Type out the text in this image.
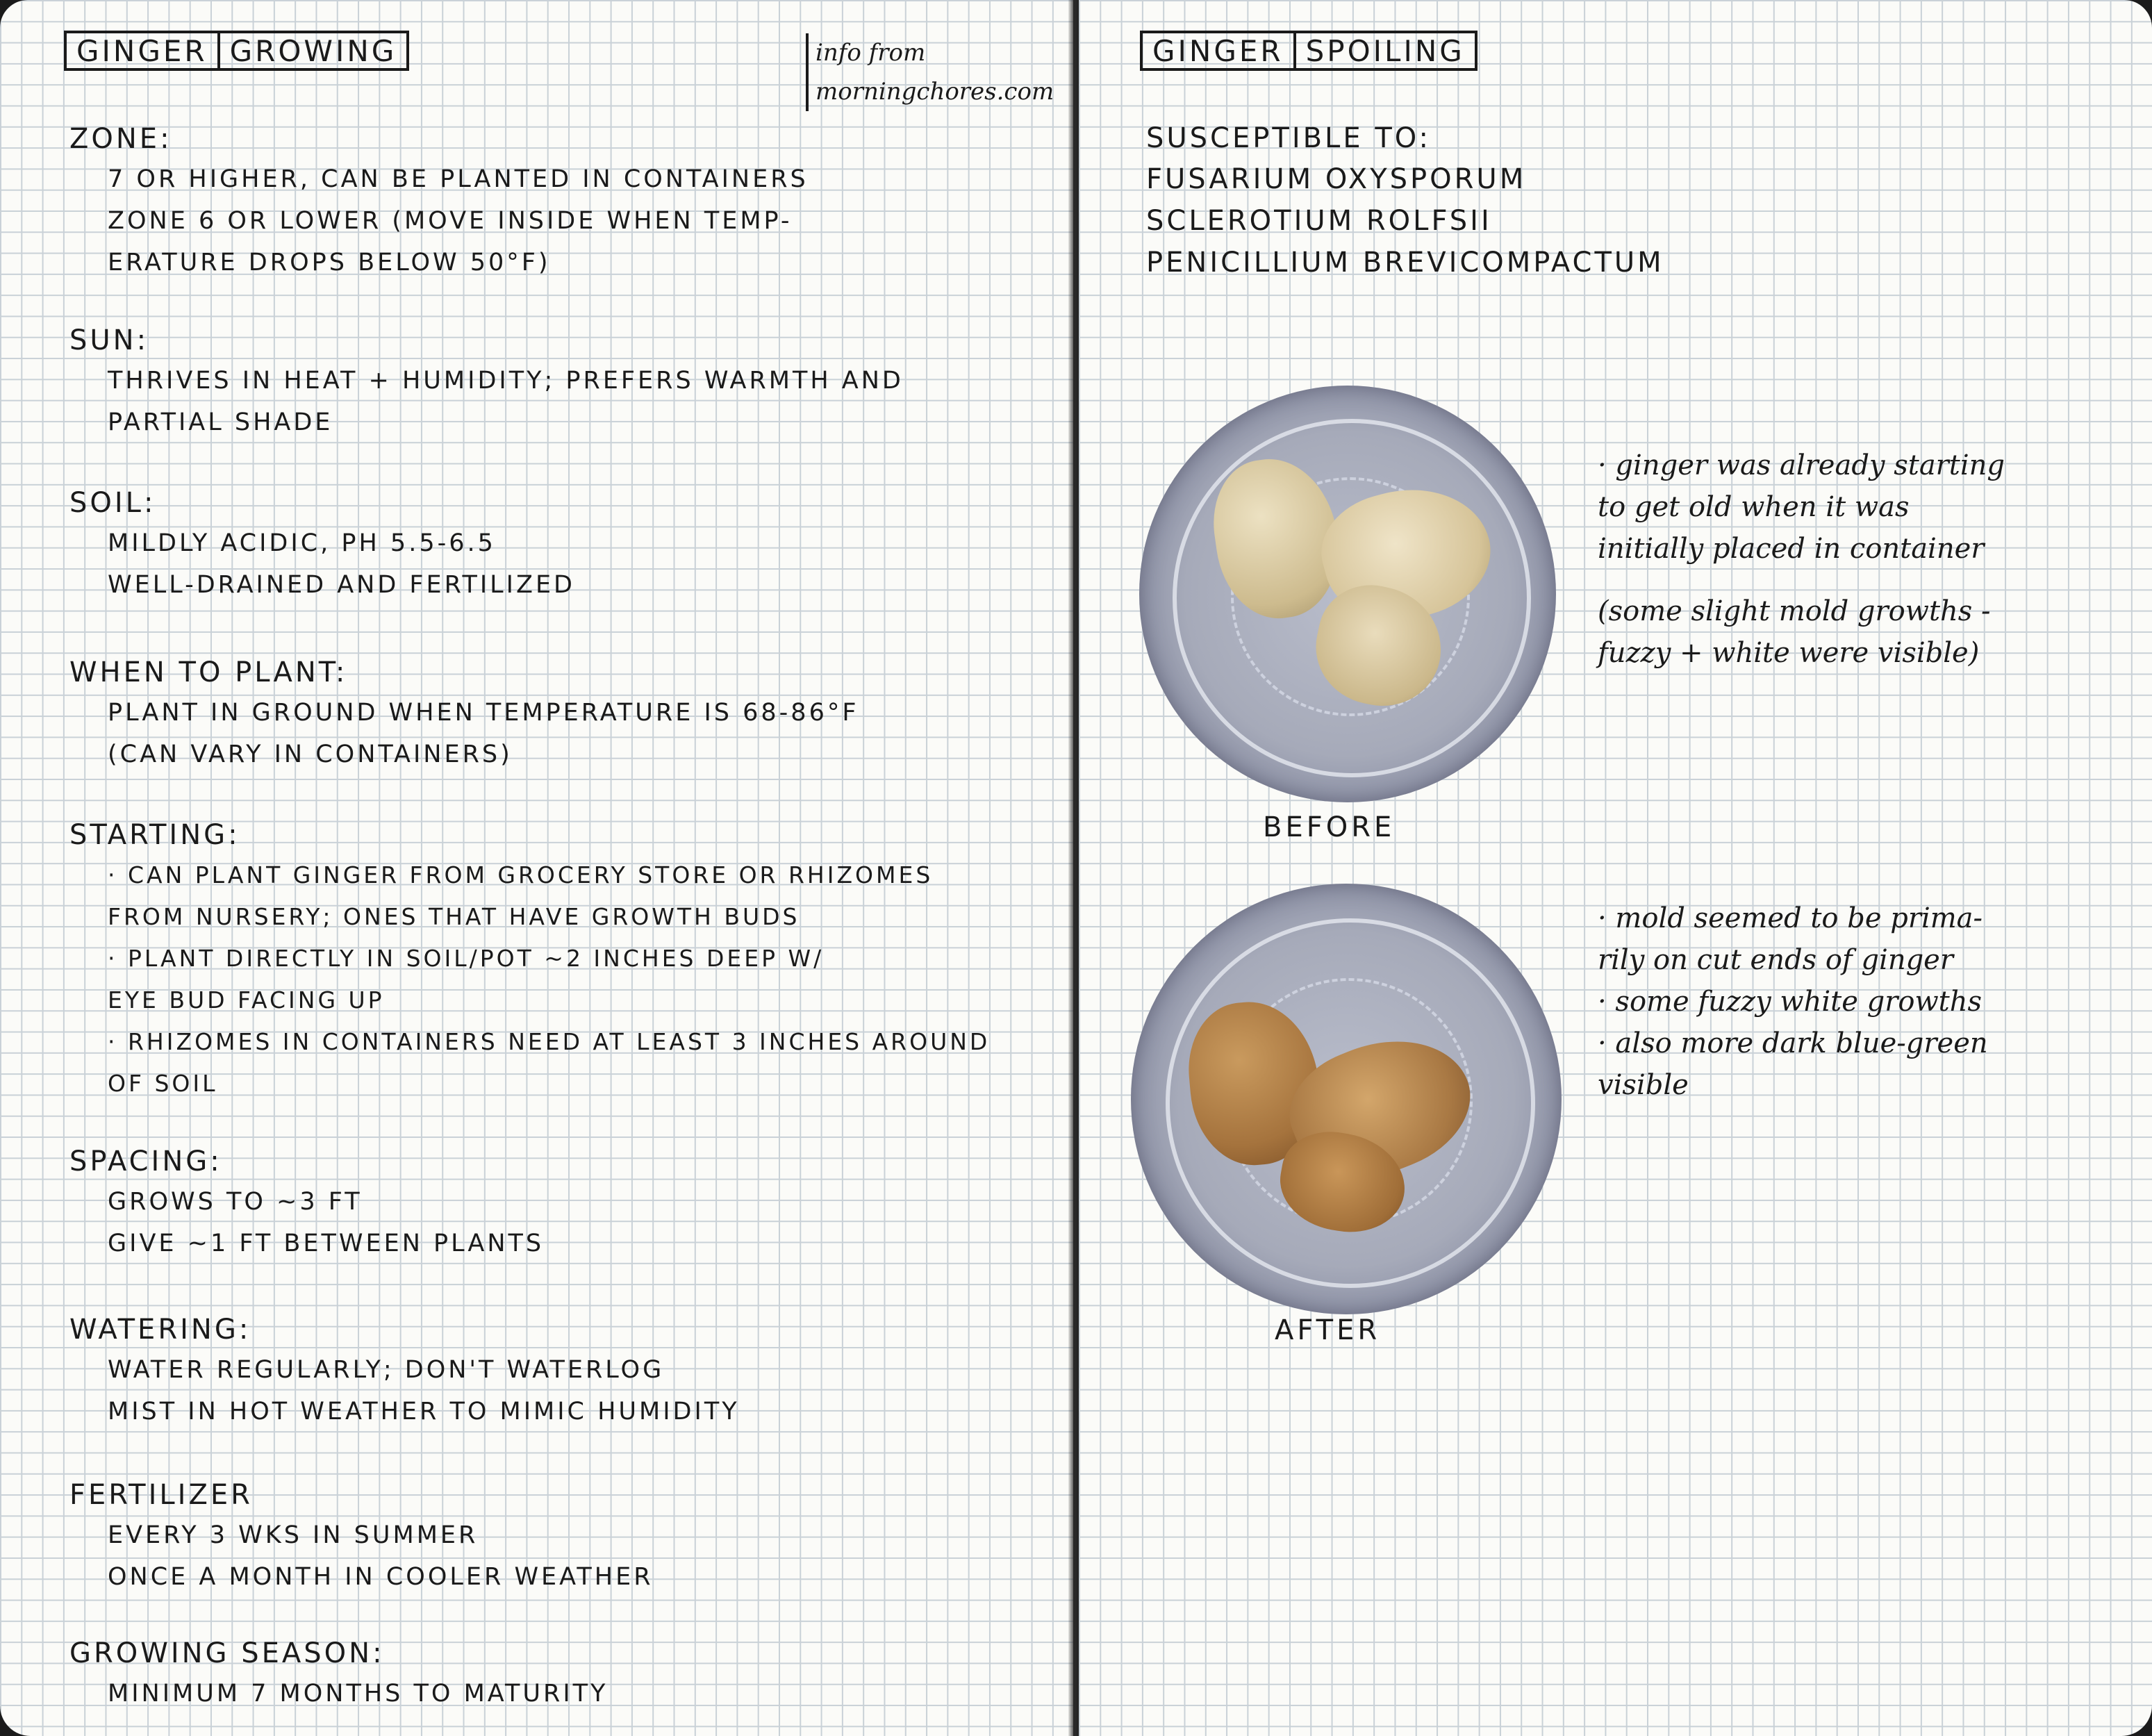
GINGER GROWING	info from
morningchores.com
ZONE:
7 OR HIGHER, CAN BE PLANTED IN CONTAINERS
ZONE 6 OR LOWER (MOVE INSIDE WHEN TEMP-
ERATURE DROPS BELOW 50°F)
SUN:
THRIVES IN HEAT + HUMIDITY; PREFERS WARMTH AND
PARTIAL SHADE
SOIL:
MILDLY ACIDIC, PH 5.5-6.5
WELL-DRAINED AND FERTILIZED
WHEN TO PLANT:
PLANT IN GROUND WHEN TEMPERATURE IS 68-86°F
(CAN VARY IN CONTAINERS)
STARTING:
· CAN PLANT GINGER FROM GROCERY STORE OR RHIZOMES
FROM NURSERY; ONES THAT HAVE GROWTH BUDS
· PLANT DIRECTLY IN SOIL/POT ~2 INCHES DEEP W/
EYE BUD FACING UP
· RHIZOMES IN CONTAINERS NEED AT LEAST 3 INCHES AROUND
OF SOIL
SPACING:
GROWS TO ~3 FT
GIVE ~1 FT BETWEEN PLANTS
WATERING:
WATER REGULARLY; DON'T WATERLOG
MIST IN HOT WEATHER TO MIMIC HUMIDITY
FERTILIZER
EVERY 3 WKS IN SUMMER
ONCE A MONTH IN COOLER WEATHER
GROWING SEASON:
MINIMUM 7 MONTHS TO MATURITY
GINGER SPOILING
SUSCEPTIBLE TO:
FUSARIUM OXYSPORUM
SCLEROTIUM ROLFSII
PENICILLIUM BREVICOMPACTUM
BEFORE
· ginger was already starting
to get old when it was
initially placed in container
(some slight mold growths -
fuzzy + white were visible)
AFTER
· mold seemed to be prima-
rily on cut ends of ginger
· some fuzzy white growths
· also more dark blue-green
visible
